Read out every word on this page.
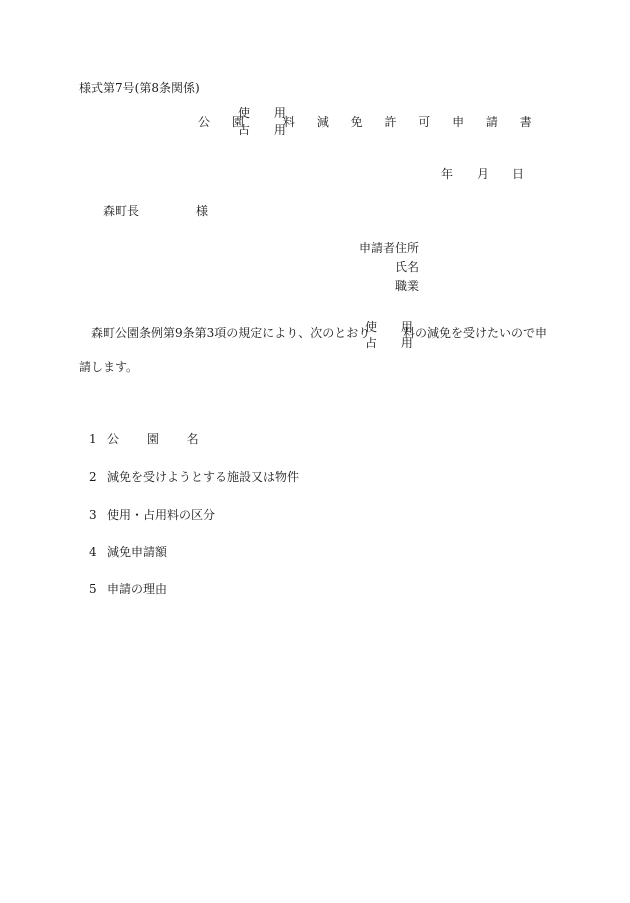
様式第7号(第8条関係)
公 園
使 用
占 用
料 減 免 許 可 申 請 書
年 月 日
森町長	様
申請者住所
氏名
職業
森町公園条例第9条第3項の規定により、次のとおり
使 用
占 用
料の減免を受けたいので申
請します。
1 公 園 名
2 減免を受けようとする施設又は物件
3 使用・占用料の区分
4 減免申請額
5 申請の理由
